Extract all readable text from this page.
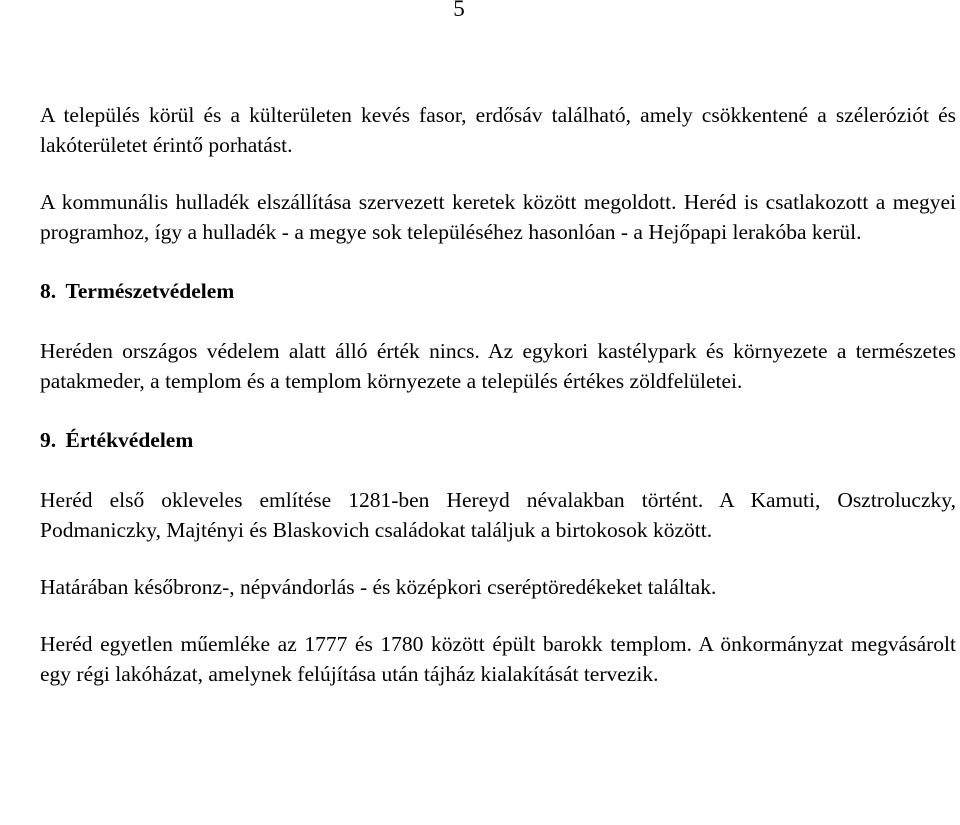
5

A település körül és a külterületen kevés fasor, erdősáv található, amely csökkentené a széleróziót és lakóterületet érintő porhatást.

A kommunális hulladék elszállítása szervezett keretek között megoldott. Heréd is csatlakozott a megyei programhoz, így a hulladék - a megye sok településéhez hasonlóan - a Hejőpapi lerakóba kerül.

8. Természetvédelem

Heréden országos védelem alatt álló érték nincs. Az egykori kastélypark és környezete a természetes patakmeder, a templom és a templom környezete a település értékes zöldfelületei.

9. Értékvédelem

Heréd első okleveles említése 1281-ben Hereyd névalakban történt. A Kamuti, Osztroluczky, Podmaniczky, Majtényi és Blaskovich családokat találjuk a birtokosok között.

Határában későbronz-, népvándorlás - és középkori cseréptöredékeket találtak.

Heréd egyetlen műemléke az 1777 és 1780 között épült barokk templom. A önkormányzat megvásárolt egy régi lakóházat, amelynek felújítása után tájház kialakítását tervezik.
